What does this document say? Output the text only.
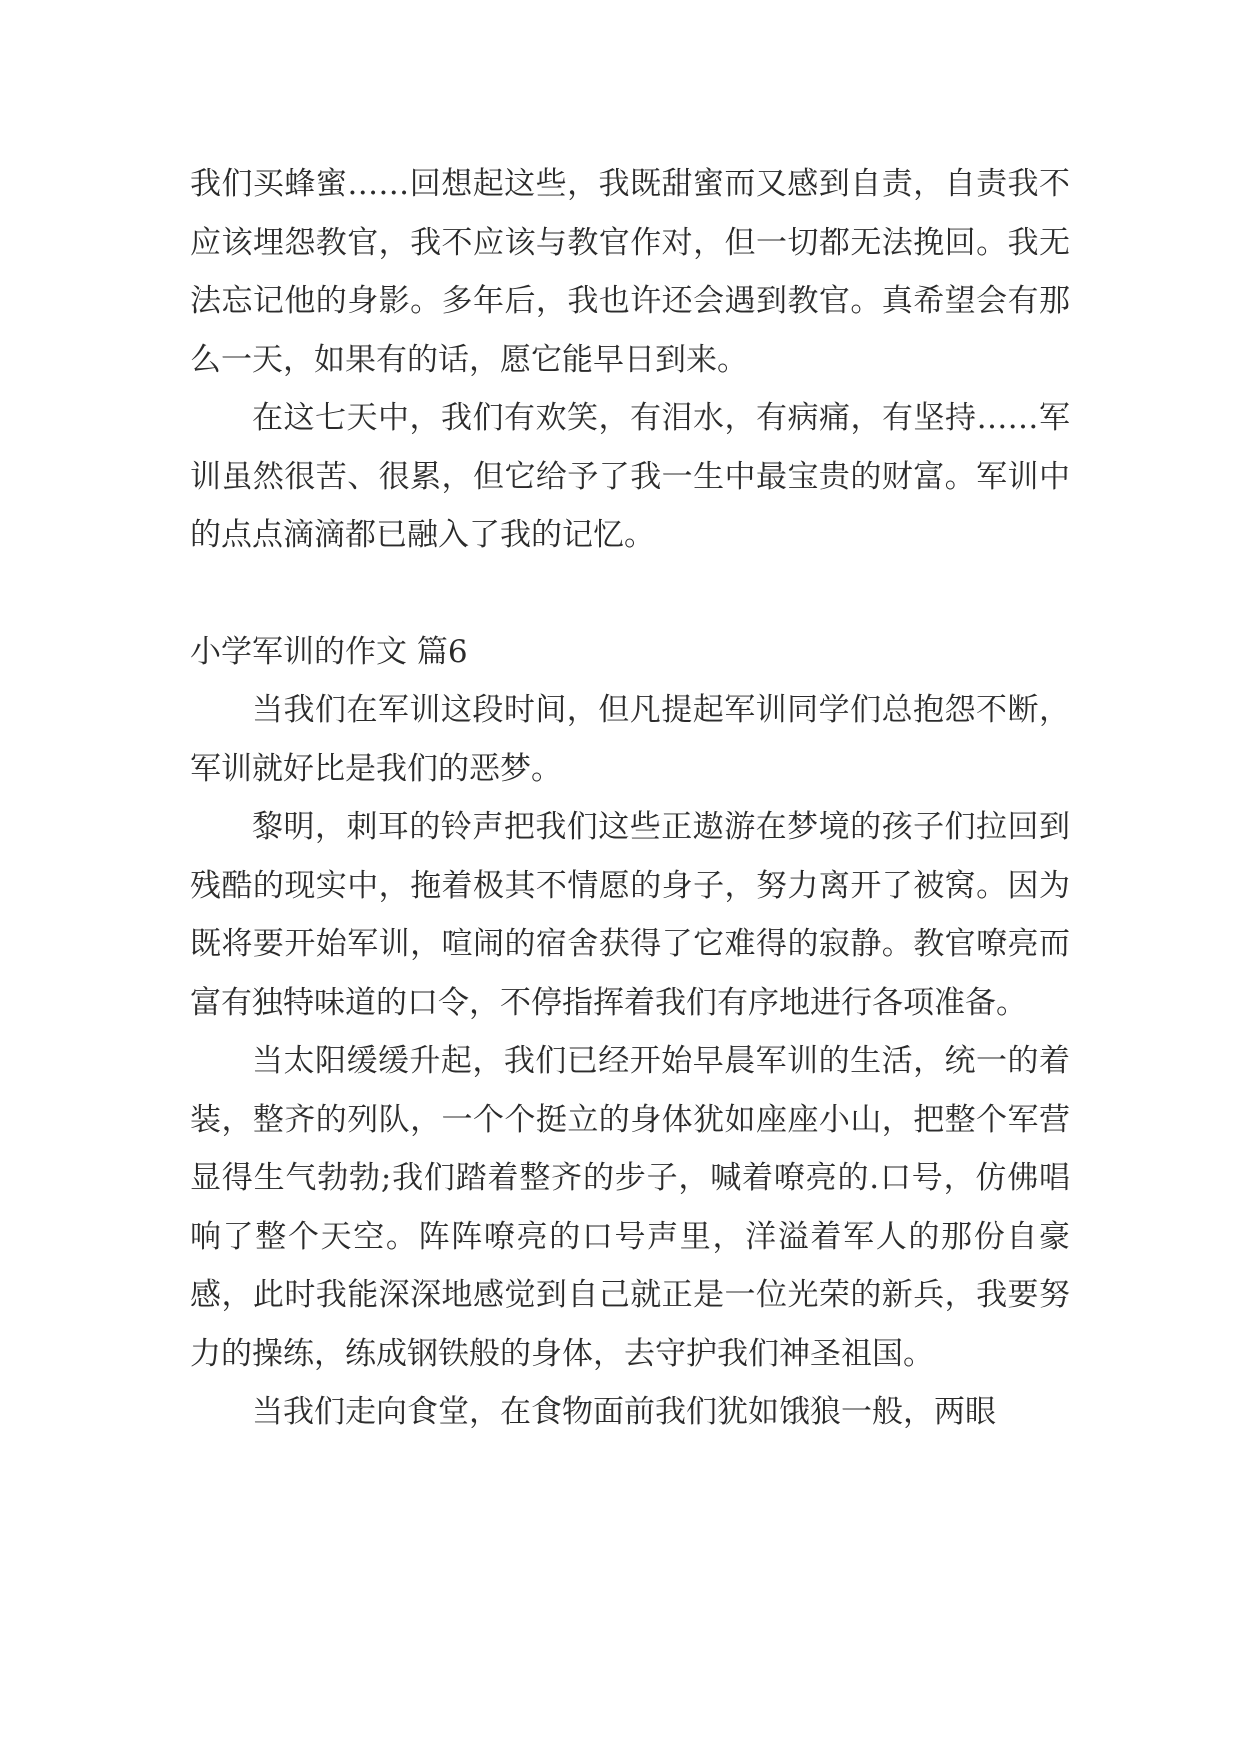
我们买蜂蜜……回想起这些，我既甜蜜而又感到自责，自责我不应该埋怨教官，我不应该与教官作对，但一切都无法挽回。我无法忘记他的身影。多年后，我也许还会遇到教官。真希望会有那么一天，如果有的话，愿它能早日到来。

在这七天中，我们有欢笑，有泪水，有病痛，有坚持……军训虽然很苦、很累，但它给予了我一生中最宝贵的财富。军训中的点点滴滴都已融入了我的记忆。

小学军训的作文 篇6

当我们在军训这段时间，但凡提起军训同学们总抱怨不断，军训就好比是我们的恶梦。

黎明，刺耳的铃声把我们这些正遨游在梦境的孩子们拉回到残酷的现实中，拖着极其不情愿的身子，努力离开了被窝。因为既将要开始军训，喧闹的宿舍获得了它难得的寂静。教官嘹亮而富有独特味道的口令，不停指挥着我们有序地进行各项准备。

当太阳缓缓升起，我们已经开始早晨军训的生活，统一的着装，整齐的列队，一个个挺立的身体犹如座座小山，把整个军营显得生气勃勃;我们踏着整齐的步子，喊着嘹亮的.口号，仿佛唱响了整个天空。阵阵嘹亮的口号声里，洋溢着军人的那份自豪感，此时我能深深地感觉到自己就正是一位光荣的新兵，我要努力的操练，练成钢铁般的身体，去守护我们神圣祖国。

当我们走向食堂，在食物面前我们犹如饿狼一般，两眼
